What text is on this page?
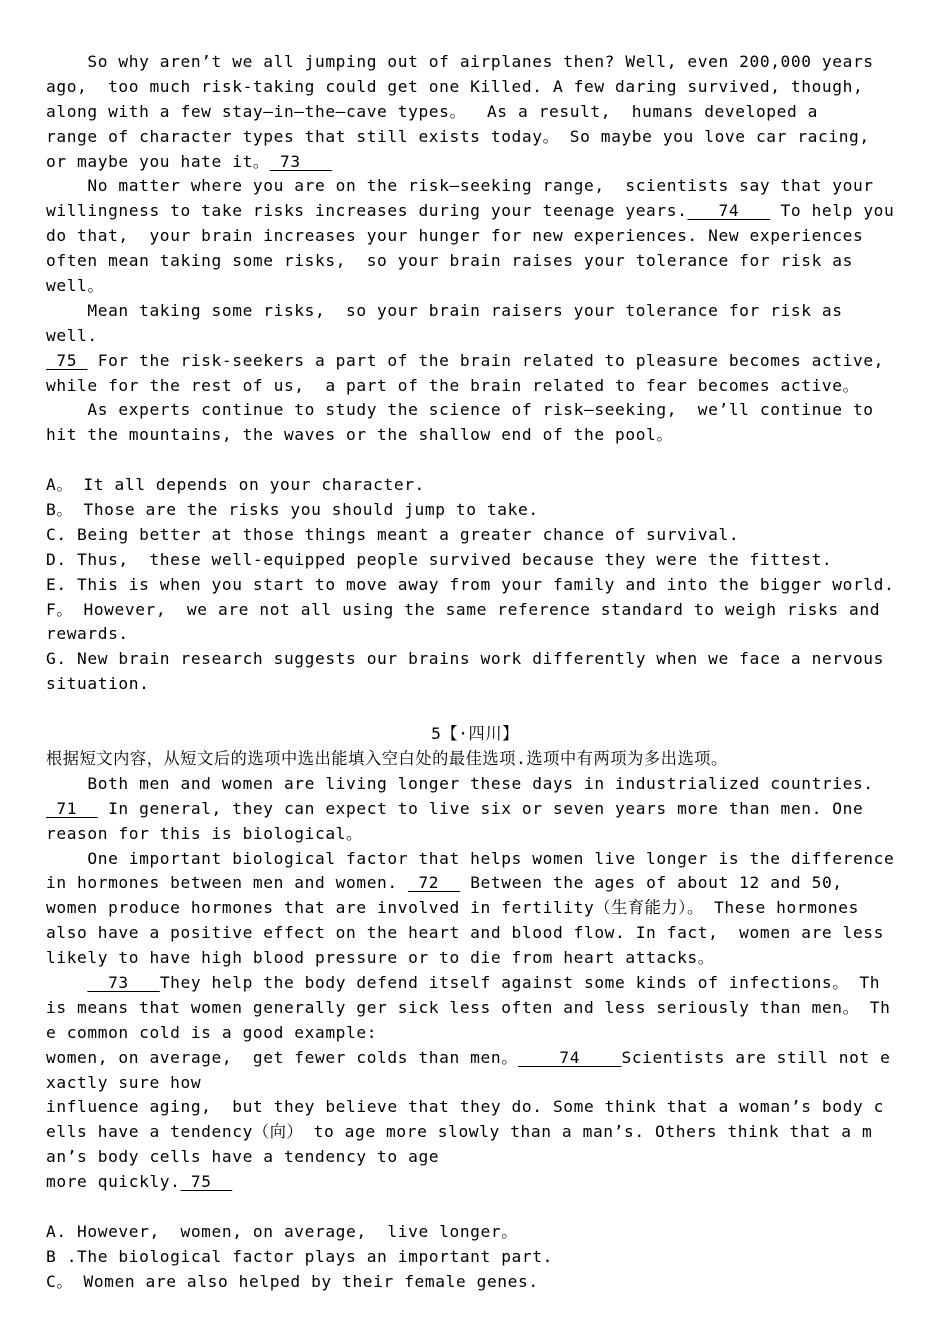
So why aren’t we all jumping out of airplanes then? Well, even 200,000 years
ago,  too much risk-taking could get one Killed. A few daring survived, though,
along with a few stay—in—the—cave types。  As a result,  humans developed a
range of character types that still exists today。 So maybe you love car racing,
or maybe you hate it。 73
No matter where you are on the risk—seeking range,  scientists say that your
willingness to take risks increases during your teenage years.   74    To help you
do that,  your brain increases your hunger for new experiences. New experiences
often mean taking some risks,  so your brain raises your tolerance for risk as
well。
Mean taking some risks,  so your brain raisers your tolerance for risk as
well.
75  For the risk-seekers a part of the brain related to pleasure becomes active,
while for the rest of us,  a part of the brain related to fear becomes active。
As experts continue to study the science of risk—seeking,  we’ll continue to
hit the mountains, the waves or the shallow end of the pool。
A。 It all depends on your character.
B。 Those are the risks you should jump to take.
C. Being better at those things meant a greater chance of survival.
D. Thus,  these well-equipped people survived because they were the fittest.
E. This is when you start to move away from your family and into the bigger world.
F。 However,  we are not all using the same reference standard to weigh risks and
rewards.
G. New brain research suggests our brains work differently when we face a nervous
situation.
5【·四川】
根据短文内容，从短文后的选项中选出能填入空白处的最佳选项.选项中有两项为多出选项。
Both men and women are living longer these days in industrialized countries.
71   In general, they can expect to live six or seven years more than men. One
reason for this is biological。
One important biological factor that helps women live longer is the difference
in hormones between men and women.  72   Between the ages of about 12 and 50,
women produce hormones that are involved in fertility（生育能力）。 These hormones
also have a positive effect on the heart and blood flow. In fact,  women are less
likely to have high blood pressure or to die from heart attacks。
73   They help the body defend itself against some kinds of infections。 Th
is means that women generally ger sick less often and less seriously than men。 Th
e common cold is a good example:
women, on average,  get fewer colds than men。    74    Scientists are still not e
xactly sure how
influence aging,  but they believe that they do. Some think that a woman’s body c
ells have a tendency（向） to age more slowly than a man’s. Others think that a m
an’s body cells have a tendency to age
more quickly. 75
A. However,  women, on average,  live longer。
B .The biological factor plays an important part.
C。 Women are also helped by their female genes.
